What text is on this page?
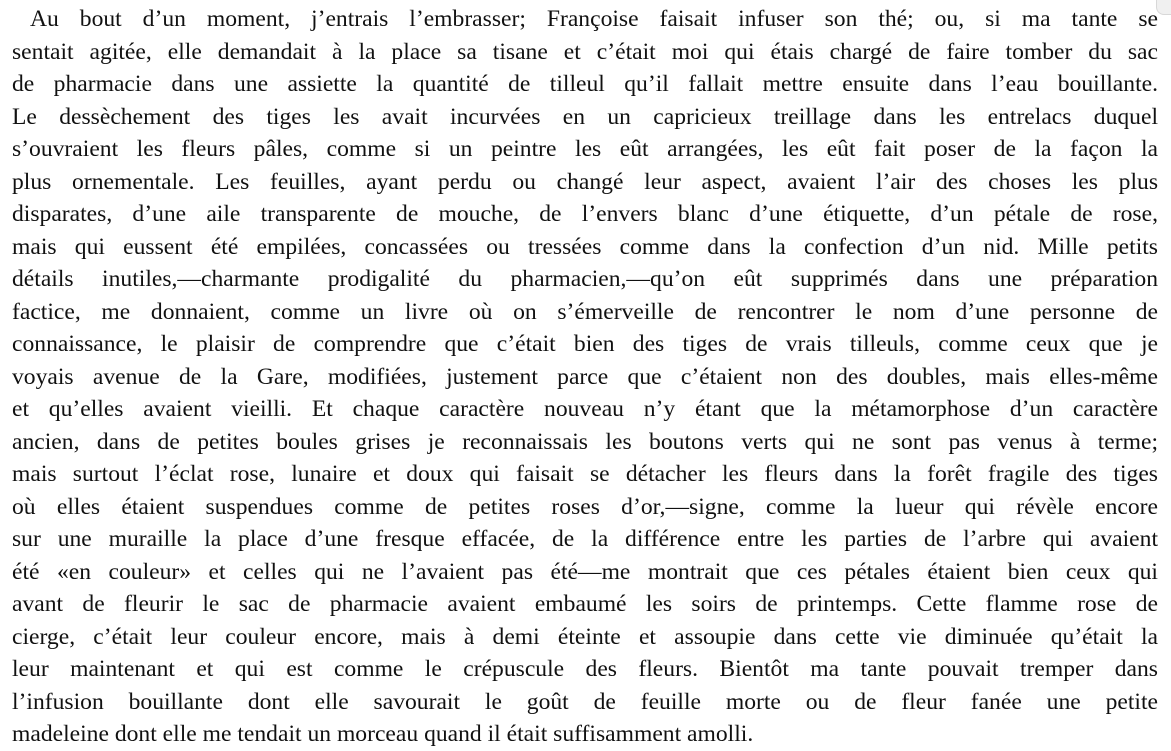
Au bout d’un moment, j’entrais l’embrasser; Françoise faisait infuser son thé; ou, si ma tante se
sentait agitée, elle demandait à la place sa tisane et c’était moi qui étais chargé de faire tomber du sac
de pharmacie dans une assiette la quantité de tilleul qu’il fallait mettre ensuite dans l’eau bouillante.
Le dessèchement des tiges les avait incurvées en un capricieux treillage dans les entrelacs duquel
s’ouvraient les fleurs pâles, comme si un peintre les eût arrangées, les eût fait poser de la façon la
plus ornementale. Les feuilles, ayant perdu ou changé leur aspect, avaient l’air des choses les plus
disparates, d’une aile transparente de mouche, de l’envers blanc d’une étiquette, d’un pétale de rose,
mais qui eussent été empilées, concassées ou tressées comme dans la confection d’un nid. Mille petits
détails inutiles,—charmante prodigalité du pharmacien,—qu’on eût supprimés dans une préparation
factice, me donnaient, comme un livre où on s’émerveille de rencontrer le nom d’une personne de
connaissance, le plaisir de comprendre que c’était bien des tiges de vrais tilleuls, comme ceux que je
voyais avenue de la Gare, modifiées, justement parce que c’étaient non des doubles, mais elles-même
et qu’elles avaient vieilli. Et chaque caractère nouveau n’y étant que la métamorphose d’un caractère
ancien, dans de petites boules grises je reconnaissais les boutons verts qui ne sont pas venus à terme;
mais surtout l’éclat rose, lunaire et doux qui faisait se détacher les fleurs dans la forêt fragile des tiges
où elles étaient suspendues comme de petites roses d’or,—signe, comme la lueur qui révèle encore
sur une muraille la place d’une fresque effacée, de la différence entre les parties de l’arbre qui avaient
été «en couleur» et celles qui ne l’avaient pas été—me montrait que ces pétales étaient bien ceux qui
avant de fleurir le sac de pharmacie avaient embaumé les soirs de printemps. Cette flamme rose de
cierge, c’était leur couleur encore, mais à demi éteinte et assoupie dans cette vie diminuée qu’était la
leur maintenant et qui est comme le crépuscule des fleurs. Bientôt ma tante pouvait tremper dans
l’infusion bouillante dont elle savourait le goût de feuille morte ou de fleur fanée une petite
madeleine dont elle me tendait un morceau quand il était suffisamment amolli.
